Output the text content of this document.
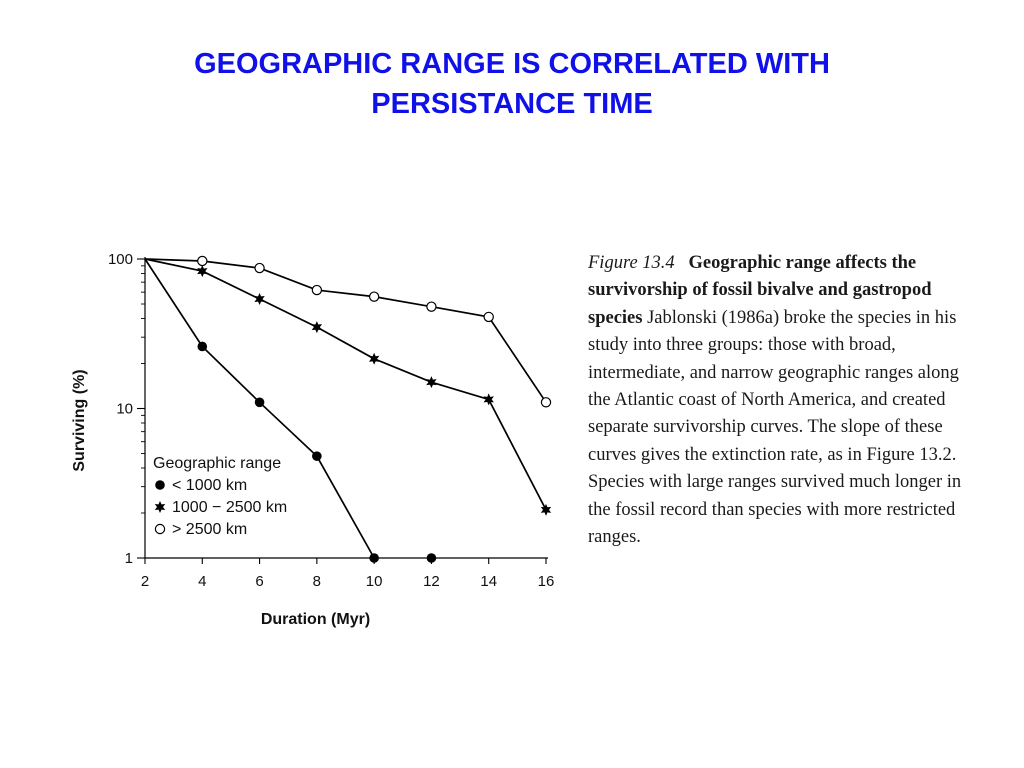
GEOGRAPHIC RANGE IS CORRELATED WITH
PERSISTANCE TIME
1
10
100
2	4	6	8	10	12	14	16
Duration (Myr)
Surviving (%)	Geographic range
< 1000 km
1000 − 2500 km
> 2500 km

Figure 13.4 Geographic range affects the survivorship of fossil bivalve and gastropod species Jablonski (1986a) broke the species in his study into three groups: those with broad, intermediate, and narrow geographic ranges along the Atlantic coast of North America, and created separate survivorship curves. The slope of these curves gives the extinction rate, as in Figure 13.2. Species with large ranges survived much longer in the fossil record than species with more restricted ranges.
